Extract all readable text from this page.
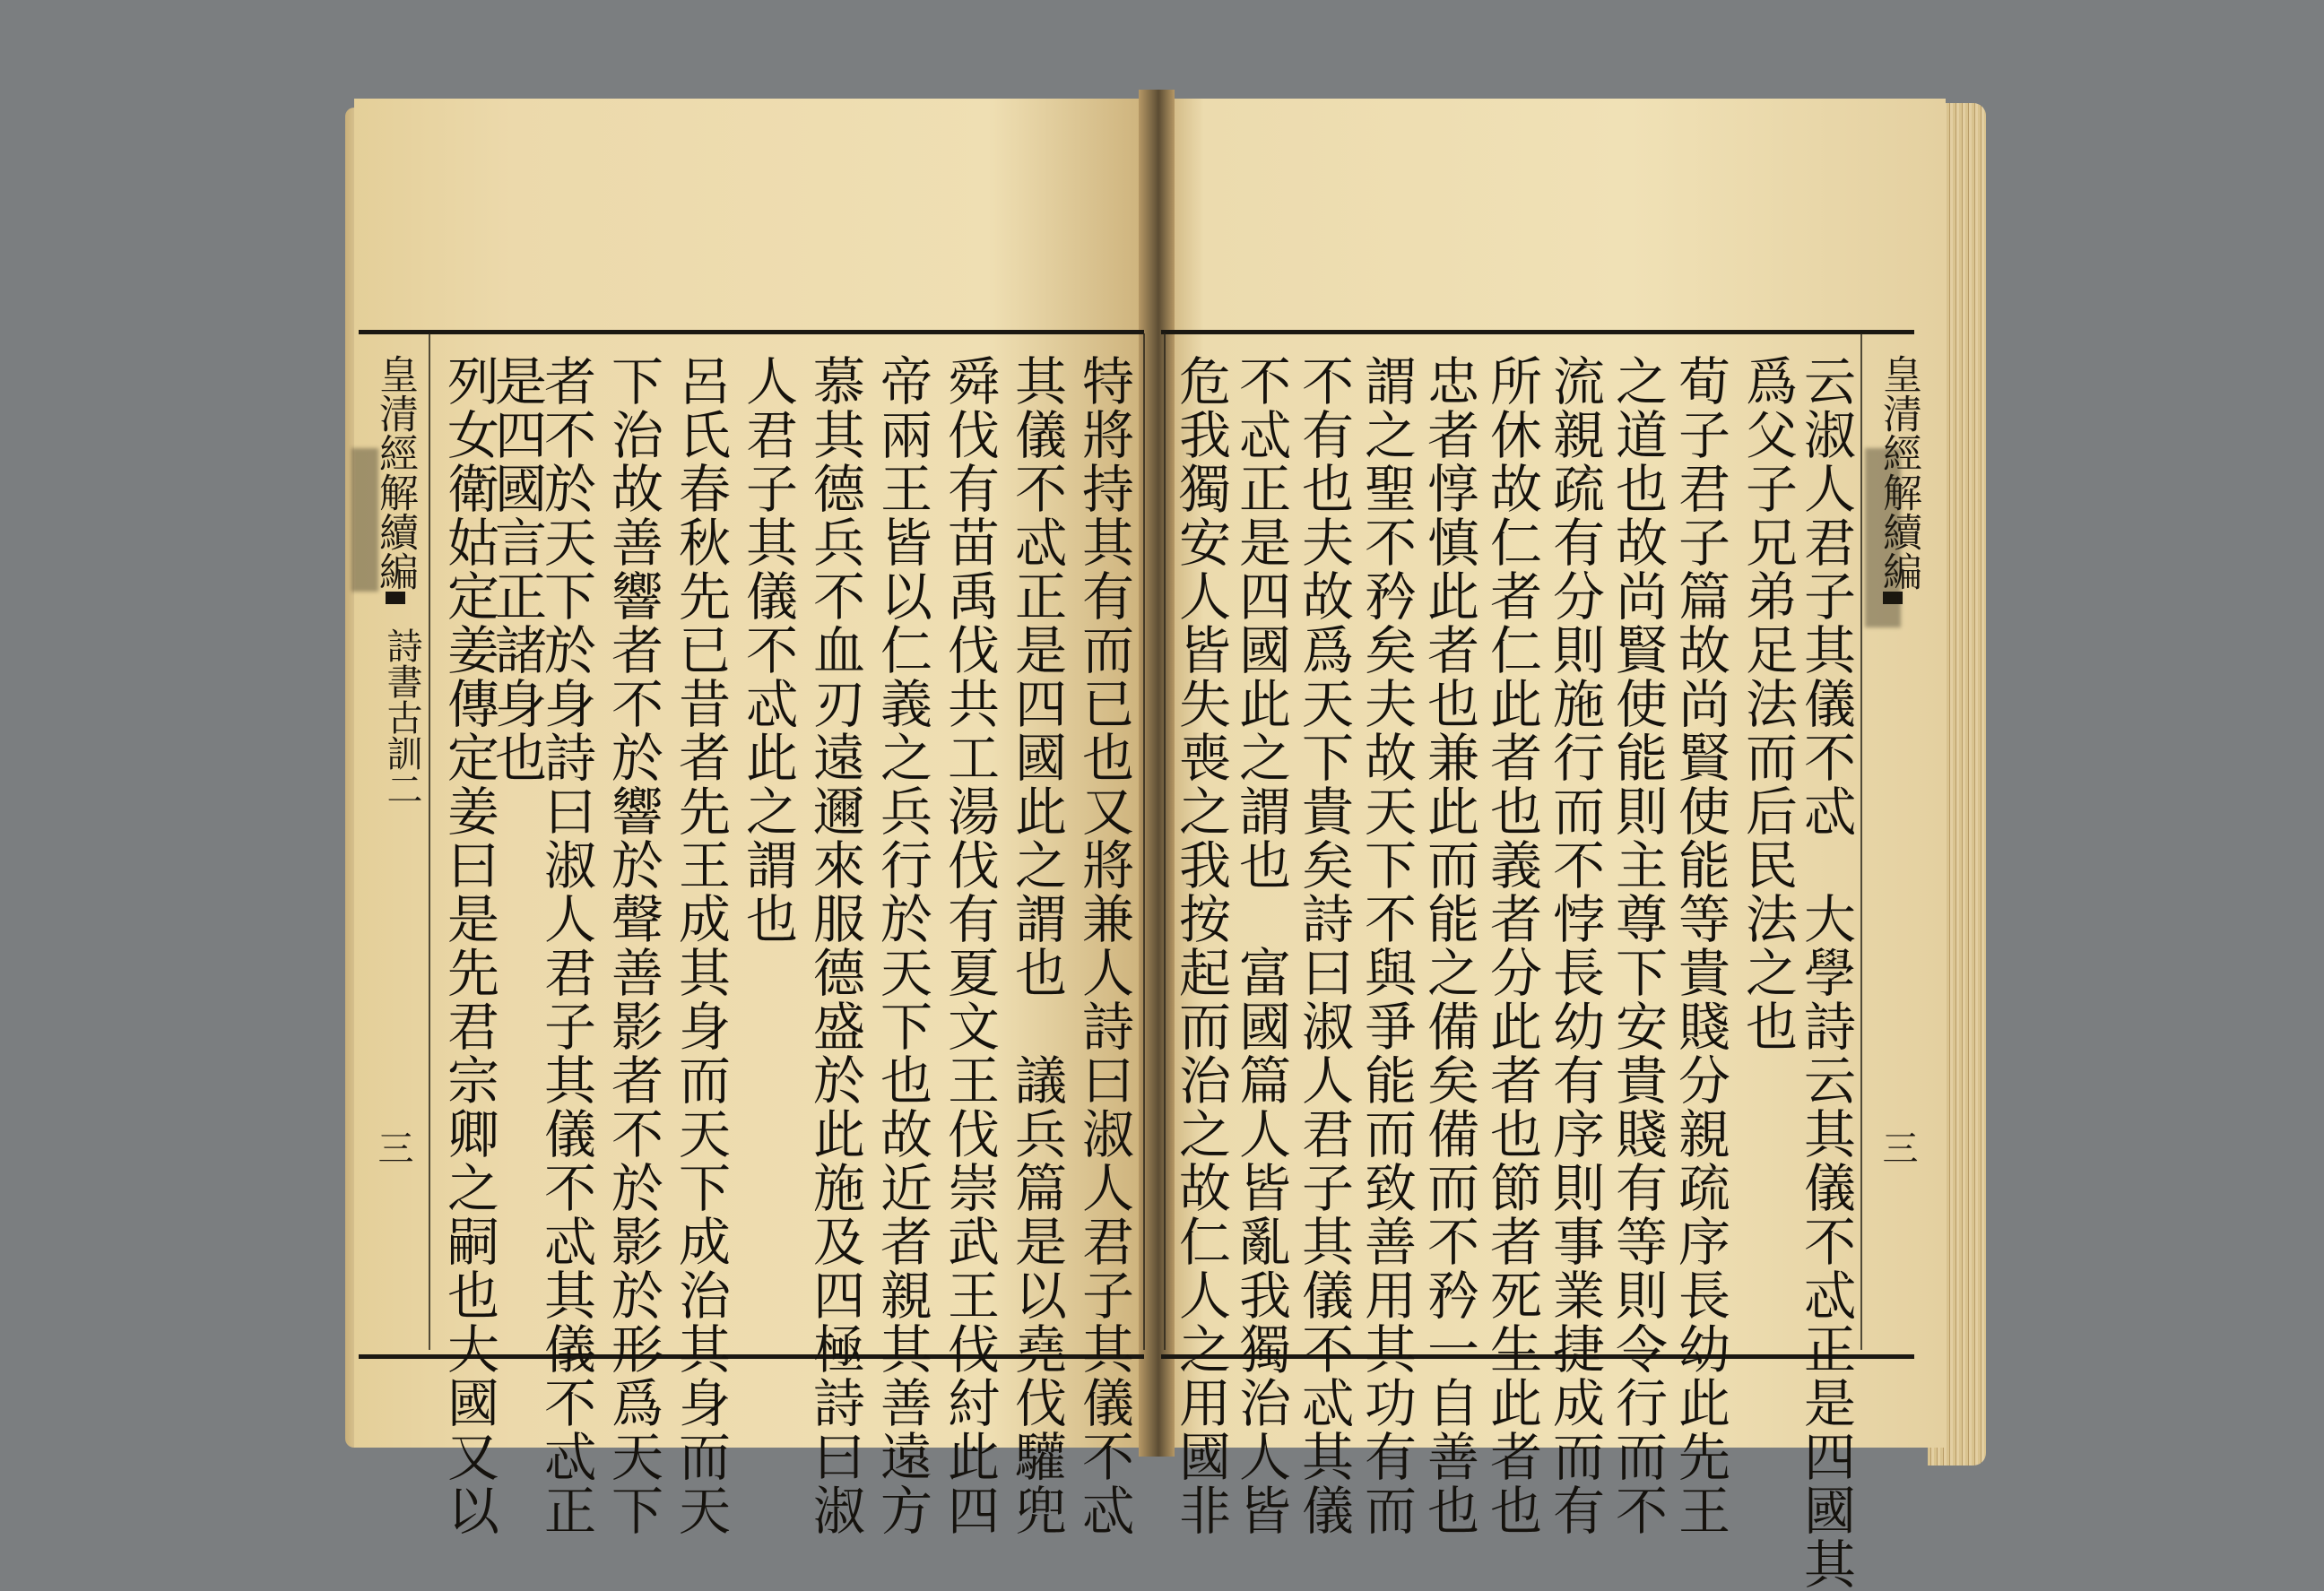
皇清經解續編
詩書古訓二
三	特將持其有而已也又將兼人詩曰淑人君子其儀不忒
其儀不忒正是四國此之謂也　議兵篇是以堯伐驩兜
舜伐有苗禹伐共工湯伐有夏文王伐崇武王伐紂此四
帝兩王皆以仁義之兵行於天下也故近者親其善遠方
慕其德兵不血刃遠邇來服德盛於此施及四極詩曰淑
人君子其儀不忒此之謂也
呂氏春秋先已昔者先王成其身而天下成治其身而天
下治故善響者不於響於聲善影者不於影於形爲天下
者不於天下於身詩曰淑人君子其儀不忒其儀不忒正
是四國言正諸身也
列女衛姑定姜傳定姜曰是先君宗卿之嗣也大國又以	皇清經解續編
三
云淑人君子其儀不忒　大學詩云其儀不忒正是四國其
爲父子兄弟足法而后民法之也
荀子君子篇故尚賢使能等貴賤分親疏序長幼此先王
之道也故尚賢使能則主尊下安貴賤有等則令行而不
流親疏有分則施行而不悖長幼有序則事業捷成而有
所休故仁者仁此者也義者分此者也節者死生此者也
忠者惇慎此者也兼此而能之備矣備而不矜一自善也
謂之聖不矜矣夫故天下不與爭能而致善用其功有而
不有也夫故爲天下貴矣詩曰淑人君子其儀不忒其儀
不忒正是四國此之謂也　富國篇人皆亂我獨治人皆
危我獨安人皆失喪之我按起而治之故仁人之用國非
